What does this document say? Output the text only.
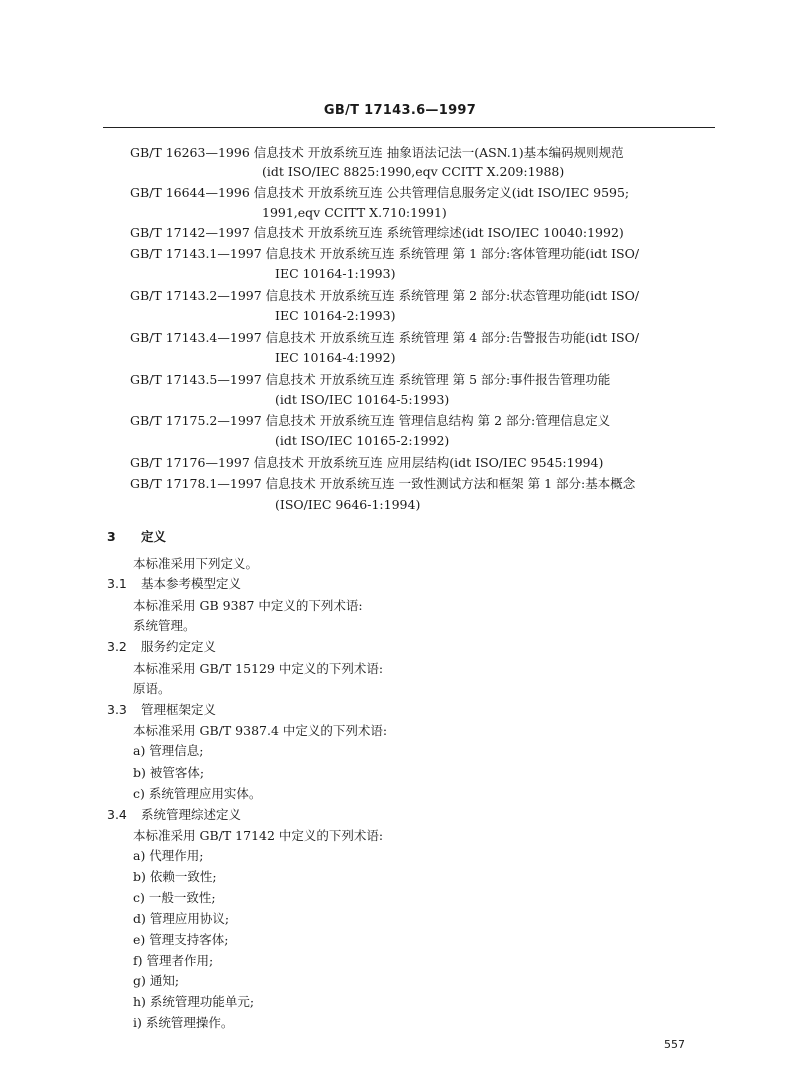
GB/T 17143.6—1997
GB/T 16263—1996 信息技术 开放系统互连 抽象语法记法一(ASN.1)基本编码规则规范
(idt ISO/IEC 8825:1990,eqv CCITT X.209:1988)
GB/T 16644—1996 信息技术 开放系统互连 公共管理信息服务定义(idt ISO/IEC 9595;
1991,eqv CCITT X.710:1991)
GB/T 17142—1997 信息技术 开放系统互连 系统管理综述(idt ISO/IEC 10040:1992)
GB/T 17143.1—1997 信息技术 开放系统互连 系统管理 第 1 部分:客体管理功能(idt ISO/
IEC 10164-1:1993)
GB/T 17143.2—1997 信息技术 开放系统互连 系统管理 第 2 部分:状态管理功能(idt ISO/
IEC 10164-2:1993)
GB/T 17143.4—1997 信息技术 开放系统互连 系统管理 第 4 部分:告警报告功能(idt ISO/
IEC 10164-4:1992)
GB/T 17143.5—1997 信息技术 开放系统互连 系统管理 第 5 部分:事件报告管理功能
(idt ISO/IEC 10164-5:1993)
GB/T 17175.2—1997 信息技术 开放系统互连 管理信息结构 第 2 部分:管理信息定义
(idt ISO/IEC 10165-2:1992)
GB/T 17176—1997 信息技术 开放系统互连 应用层结构(idt ISO/IEC 9545:1994)
GB/T 17178.1—1997 信息技术 开放系统互连 一致性测试方法和框架 第 1 部分:基本概念
(ISO/IEC 9646-1:1994)
3 定义
本标准采用下列定义。
3.1 基本参考模型定义
本标准采用 GB 9387 中定义的下列术语:
系统管理。
3.2 服务约定定义
本标准采用 GB/T 15129 中定义的下列术语:
原语。
3.3 管理框架定义
本标准采用 GB/T 9387.4 中定义的下列术语:
a) 管理信息;
b) 被管客体;
c) 系统管理应用实体。
3.4 系统管理综述定义
本标准采用 GB/T 17142 中定义的下列术语:
a) 代理作用;
b) 依赖一致性;
c) 一般一致性;
d) 管理应用协议;
e) 管理支持客体;
f) 管理者作用;
g) 通知;
h) 系统管理功能单元;
i) 系统管理操作。
557
